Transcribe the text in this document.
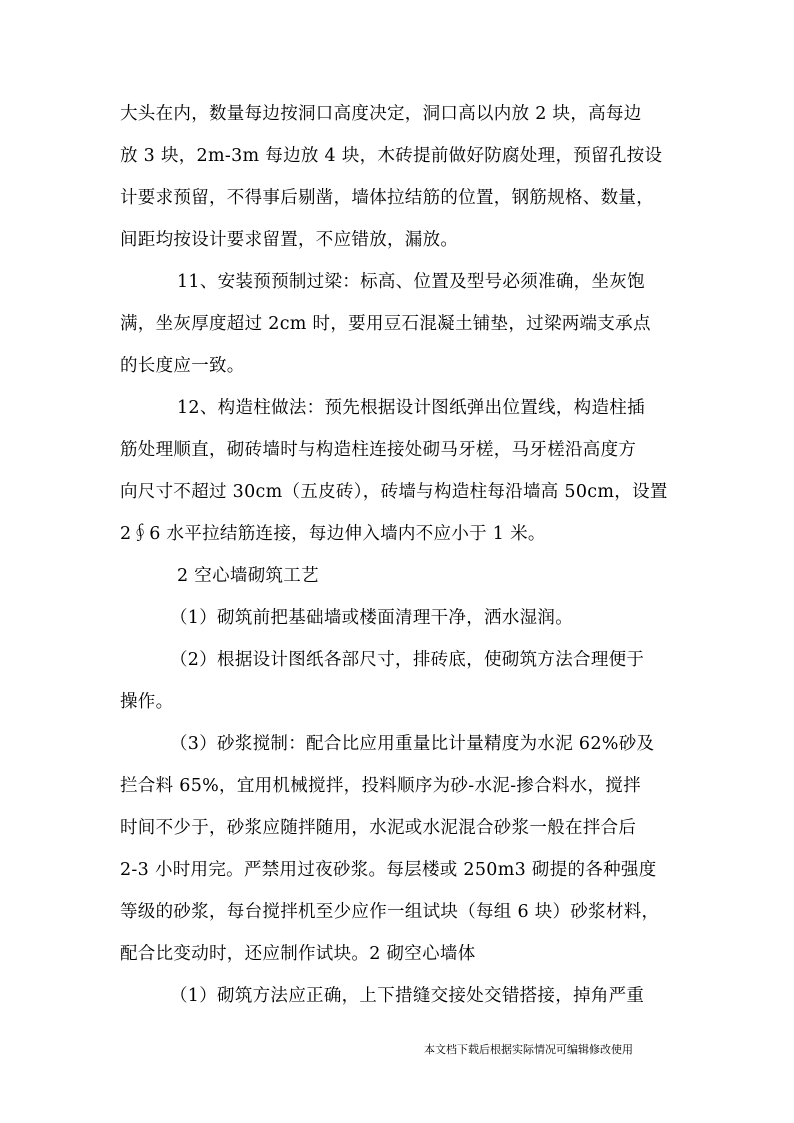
大头在内，数量每边按洞口高度决定，洞口高以内放 2 块，高每边
放 3 块，2m-3m 每边放 4 块，木砖提前做好防腐处理，预留孔按设
计要求预留，不得事后剔凿，墙体拉结筋的位置，钢筋规格、数量，
间距均按设计要求留置，不应错放，漏放。
11、安装预预制过梁：标高、位置及型号必须准确，坐灰饱
满，坐灰厚度超过 2cm 时，要用豆石混凝土铺垫，过梁两端支承点
的长度应一致。
12、构造柱做法：预先根据设计图纸弹出位置线，构造柱插
筋处理顺直，砌砖墙时与构造柱连接处砌马牙槎，马牙槎沿高度方
向尺寸不超过 30cm（五皮砖），砖墙与构造柱每沿墙高 50cm，设置
2∮6 水平拉结筋连接，每边伸入墙内不应小于 1 米。
2 空心墙砌筑工艺
（1）砌筑前把基础墙或楼面清理干净，洒水湿润。
（2）根据设计图纸各部尺寸，排砖底，使砌筑方法合理便于
操作。
（3）砂浆搅制：配合比应用重量比计量精度为水泥 62%砂及
拦合料 65%，宜用机械搅拌，投料顺序为砂-水泥-掺合料水，搅拌
时间不少于，砂浆应随拌随用，水泥或水泥混合砂浆一般在拌合后
2-3 小时用完。严禁用过夜砂浆。每层楼或 250m3 砌提的各种强度
等级的砂浆，每台搅拌机至少应作一组试块（每组 6 块）砂浆材料，
配合比变动时，还应制作试块。2 砌空心墙体
（1）砌筑方法应正确，上下措缝交接处交错搭接，掉角严重
本文档下载后根据实际情况可编辑修改使用
